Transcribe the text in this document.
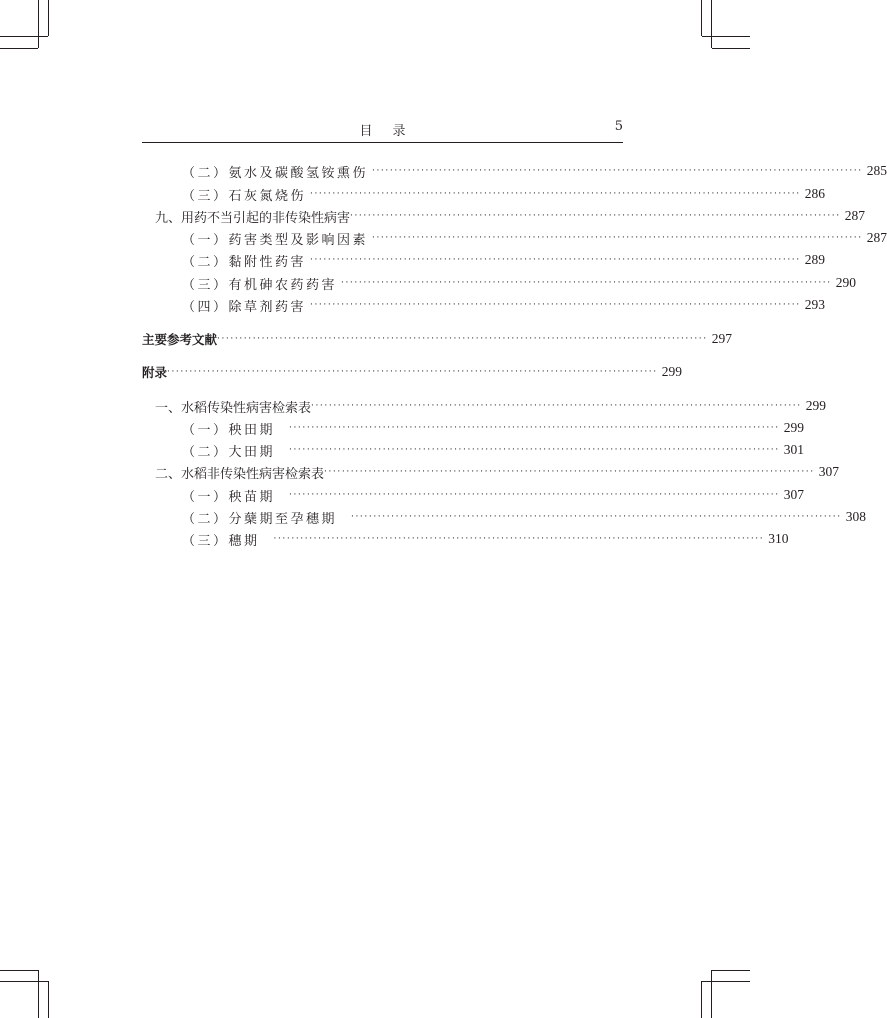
目录	5
（二）氨水及碳酸氢铵熏伤 ·············································································································· 285
（三）石灰氮烧伤 ·············································································································· 286
九、用药不当引起的非传染性病害 ·············································································································· 287
（一）药害类型及影响因素 ·············································································································· 287
（二）黏附性药害 ·············································································································· 289
（三）有机砷农药药害 ·············································································································· 290
（四）除草剂药害 ·············································································································· 293
主要参考文献 ·············································································································· 297
附录 ·············································································································· 299
一、水稻传染性病害检索表 ·············································································································· 299
（一）秧田期 ·············································································································· 299
（二）大田期 ·············································································································· 301
二、水稻非传染性病害检索表 ·············································································································· 307
（一）秧苗期 ·············································································································· 307
（二）分蘖期至孕穗期 ·············································································································· 308
（三）穗期 ·············································································································· 310
